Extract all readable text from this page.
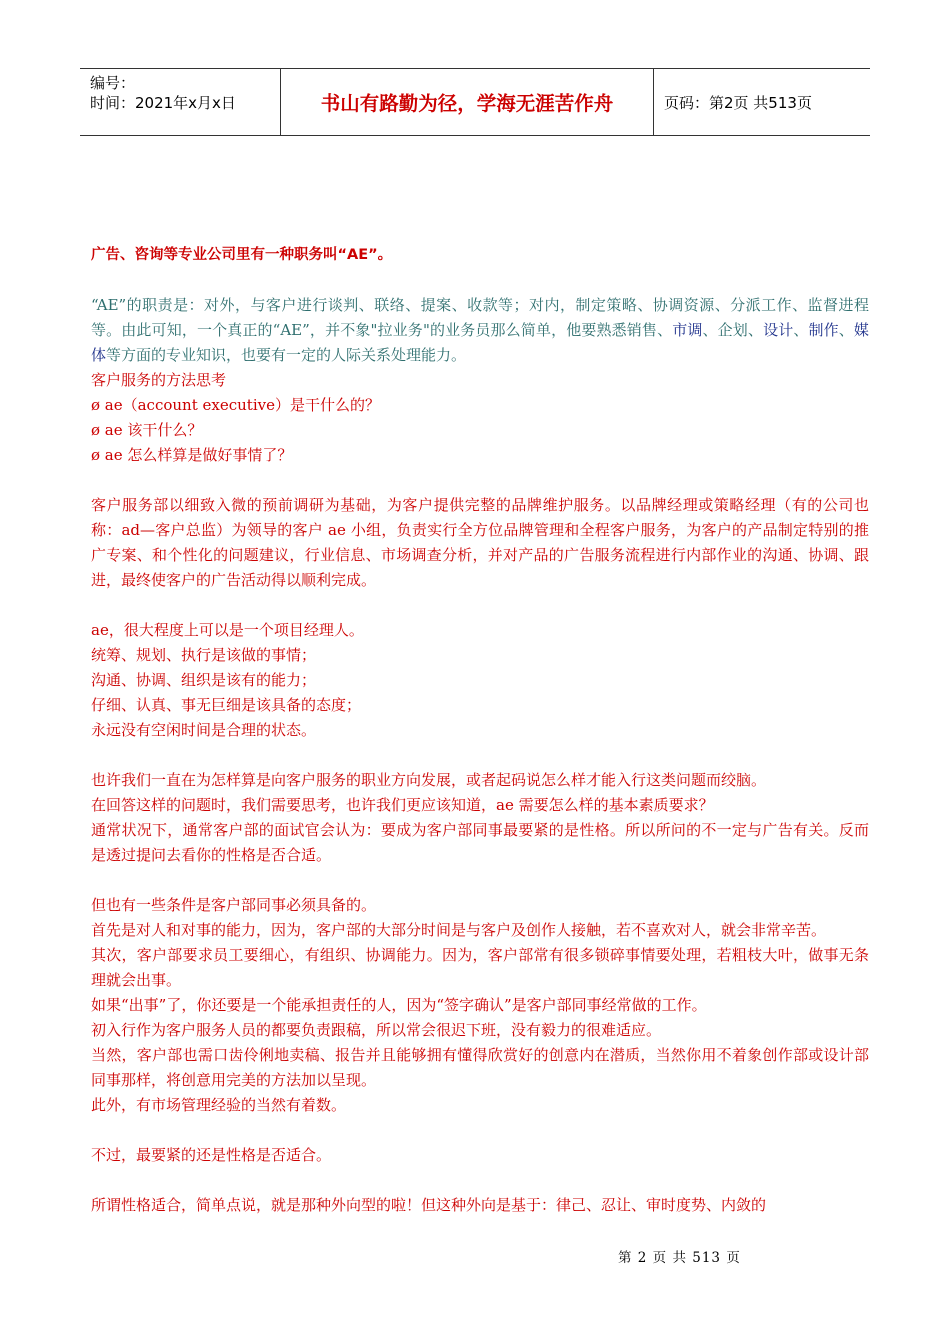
编号：
时间：2021年x月x日	书山有路勤为径，学海无涯苦作舟	页码：第2页 共513页

广告、咨询等专业公司里有一种职务叫“AE”。

“AE”的职责是：对外，与客户进行谈判、联络、提案、收款等；对内，制定策略、协调资源、分派工作、监督进程等。由此可知，一个真正的“AE”，并不象"拉业务"的业务员那么简单，他要熟悉销售、市调、企划、设计、制作、媒体等方面的专业知识，也要有一定的人际关系处理能力。

客户服务的方法思考

ø ae（account executive）是干什么的？

ø ae 该干什么？

ø ae 怎么样算是做好事情了？

客户服务部以细致入微的预前调研为基础，为客户提供完整的品牌维护服务。以品牌经理或策略经理（有的公司也称：ad—客户总监）为领导的客户 ae 小组，负责实行全方位品牌管理和全程客户服务，为客户的产品制定特别的推广专案、和个性化的问题建议，行业信息、市场调查分析，并对产品的广告服务流程进行内部作业的沟通、协调、跟进，最终使客户的广告活动得以顺利完成。

ae，很大程度上可以是一个项目经理人。

统筹、规划、执行是该做的事情；

沟通、协调、组织是该有的能力；

仔细、认真、事无巨细是该具备的态度；

永远没有空闲时间是合理的状态。

也许我们一直在为怎样算是向客户服务的职业方向发展，或者起码说怎么样才能入行这类问题而绞脑。

在回答这样的问题时，我们需要思考，也许我们更应该知道，ae 需要怎么样的基本素质要求？

通常状况下，通常客户部的面试官会认为：要成为客户部同事最要紧的是性格。所以所问的不一定与广告有关。反而是透过提问去看你的性格是否合适。

但也有一些条件是客户部同事必须具备的。

首先是对人和对事的能力，因为，客户部的大部分时间是与客户及创作人接触，若不喜欢对人，就会非常辛苦。

其次，客户部要求员工要细心，有组织、协调能力。因为，客户部常有很多锁碎事情要处理，若粗枝大叶，做事无条理就会出事。

如果“出事”了，你还要是一个能承担责任的人，因为“签字确认”是客户部同事经常做的工作。

初入行作为客户服务人员的都要负责跟稿，所以常会很迟下班，没有毅力的很难适应。

当然，客户部也需口齿伶俐地卖稿、报告并且能够拥有懂得欣赏好的创意内在潜质，当然你用不着象创作部或设计部同事那样，将创意用完美的方法加以呈现。

此外，有市场管理经验的当然有着数。

不过，最要紧的还是性格是否适合。

所谓性格适合，简单点说，就是那种外向型的啦！但这种外向是基于：律己、忍让、审时度势、内敛的

第 2 页 共 513 页
